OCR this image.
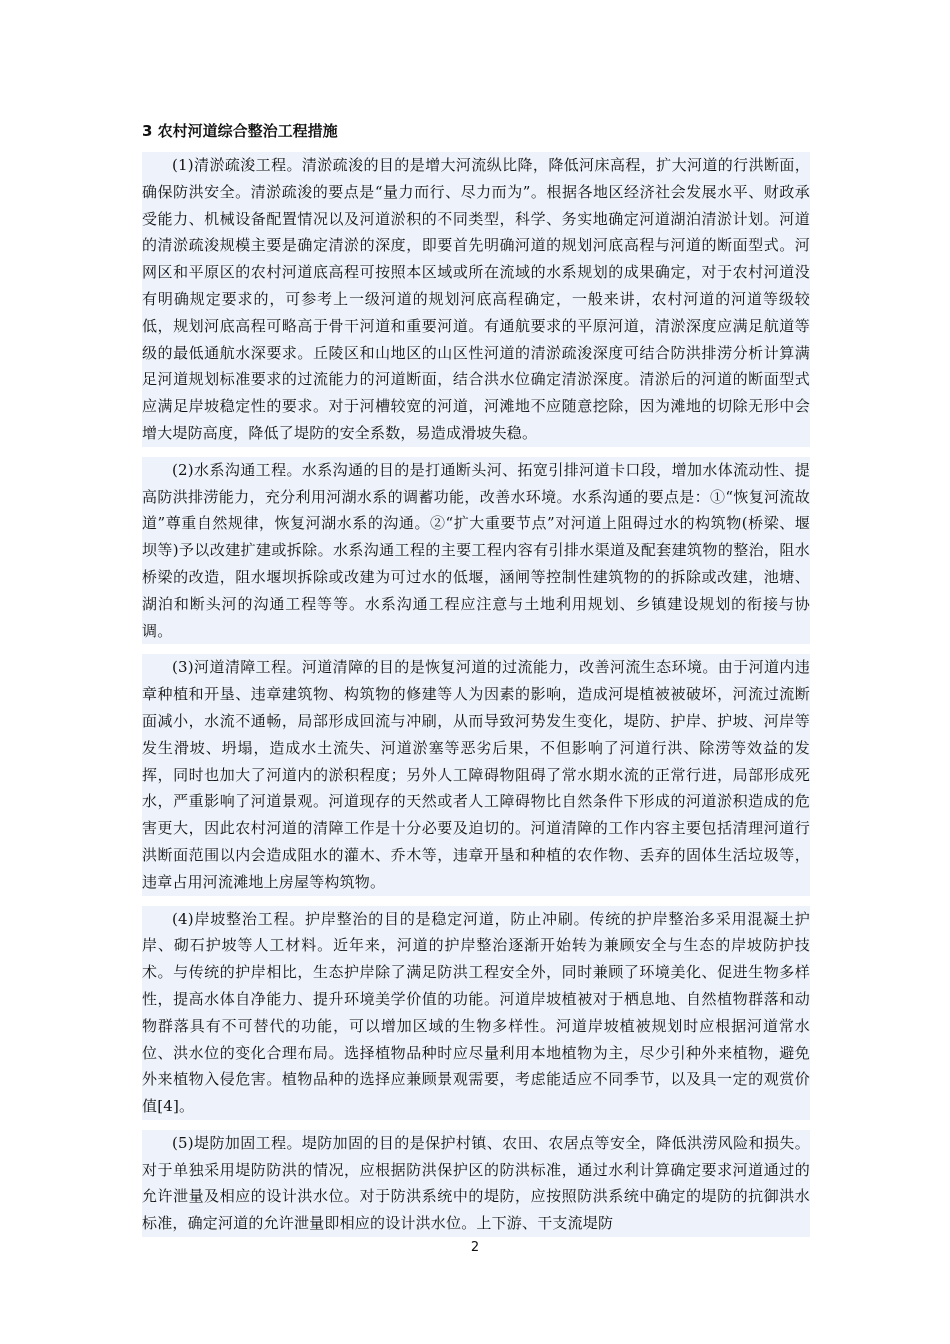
3 农村河道综合整治工程措施

(1)清淤疏浚工程。清淤疏浚的目的是增大河流纵比降，降低河床高程，扩大河道的行洪断面，确保防洪安全。清淤疏浚的要点是“量力而行、尽力而为”。根据各地区经济社会发展水平、财政承受能力、机械设备配置情况以及河道淤积的不同类型，科学、务实地确定河道湖泊清淤计划。河道的清淤疏浚规模主要是确定清淤的深度，即要首先明确河道的规划河底高程与河道的断面型式。河网区和平原区的农村河道底高程可按照本区域或所在流域的水系规划的成果确定，对于农村河道没有明确规定要求的，可参考上一级河道的规划河底高程确定，一般来讲，农村河道的河道等级较低，规划河底高程可略高于骨干河道和重要河道。有通航要求的平原河道，清淤深度应满足航道等级的最低通航水深要求。丘陵区和山地区的山区性河道的清淤疏浚深度可结合防洪排涝分析计算满足河道规划标准要求的过流能力的河道断面，结合洪水位确定清淤深度。清淤后的河道的断面型式应满足岸坡稳定性的要求。对于河槽较宽的河道，河滩地不应随意挖除，因为滩地的切除无形中会增大堤防高度，降低了堤防的安全系数，易造成滑坡失稳。

(2)水系沟通工程。水系沟通的目的是打通断头河、拓宽引排河道卡口段，增加水体流动性、提高防洪排涝能力，充分利用河湖水系的调蓄功能，改善水环境。水系沟通的要点是：①“恢复河流故道”尊重自然规律，恢复河湖水系的沟通。②“扩大重要节点”对河道上阻碍过水的构筑物(桥梁、堰坝等)予以改建扩建或拆除。水系沟通工程的主要工程内容有引排水渠道及配套建筑物的整治，阻水桥梁的改造，阻水堰坝拆除或改建为可过水的低堰，涵闸等控制性建筑物的的拆除或改建，池塘、湖泊和断头河的沟通工程等等。水系沟通工程应注意与土地利用规划、乡镇建设规划的衔接与协调。

(3)河道清障工程。河道清障的目的是恢复河道的过流能力，改善河流生态环境。由于河道内违章种植和开垦、违章建筑物、构筑物的修建等人为因素的影响，造成河堤植被被破坏，河流过流断面减小，水流不通畅，局部形成回流与冲刷，从而导致河势发生变化，堤防、护岸、护坡、河岸等发生滑坡、坍塌，造成水土流失、河道淤塞等恶劣后果，不但影响了河道行洪、除涝等效益的发挥，同时也加大了河道内的淤积程度；另外人工障碍物阻碍了常水期水流的正常行进，局部形成死水，严重影响了河道景观。河道现存的天然或者人工障碍物比自然条件下形成的河道淤积造成的危害更大，因此农村河道的清障工作是十分必要及迫切的。河道清障的工作内容主要包括清理河道行洪断面范围以内会造成阻水的灌木、乔木等，违章开垦和种植的农作物、丢弃的固体生活垃圾等，违章占用河流滩地上房屋等构筑物。

(4)岸坡整治工程。护岸整治的目的是稳定河道，防止冲刷。传统的护岸整治多采用混凝土护岸、砌石护坡等人工材料。近年来，河道的护岸整治逐渐开始转为兼顾安全与生态的岸坡防护技术。与传统的护岸相比，生态护岸除了满足防洪工程安全外，同时兼顾了环境美化、促进生物多样性，提高水体自净能力、提升环境美学价值的功能。河道岸坡植被对于栖息地、自然植物群落和动物群落具有不可替代的功能，可以增加区域的生物多样性。河道岸坡植被规划时应根据河道常水位、洪水位的变化合理布局。选择植物品种时应尽量利用本地植物为主，尽少引种外来植物，避免外来植物入侵危害。植物品种的选择应兼顾景观需要，考虑能适应不同季节，以及具一定的观赏价值[4]。

(5)堤防加固工程。堤防加固的目的是保护村镇、农田、农居点等安全，降低洪涝风险和损失。对于单独采用堤防防洪的情况，应根据防洪保护区的防洪标准，通过水利计算确定要求河道通过的允许泄量及相应的设计洪水位。对于防洪系统中的堤防，应按照防洪系统中确定的堤防的抗御洪水标准，确定河道的允许泄量即相应的设计洪水位。上下游、干支流堤防

2
